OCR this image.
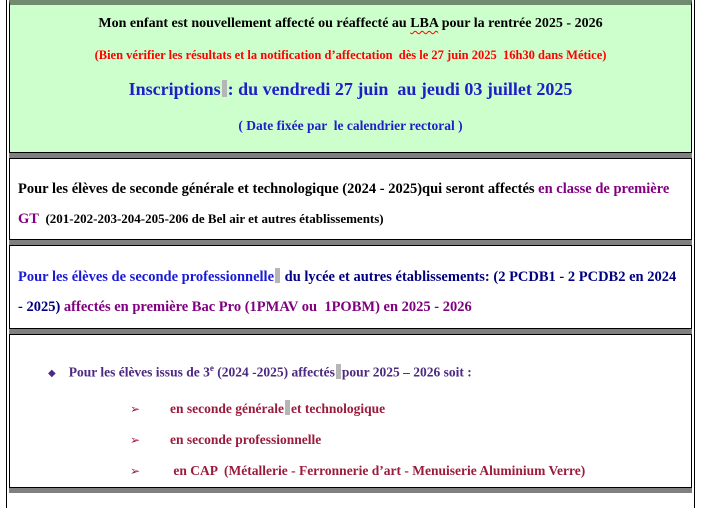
Mon enfant est nouvellement affecté ou réaffecté au LBA pour la rentrée 2025 - 2026
(Bien vérifier les résultats et la notification d’affectation  dès le 27 juin 2025  16h30 dans Métice)
Inscriptions : du vendredi 27 juin  au jeudi 03 juillet 2025
( Date fixée par  le calendrier rectoral )
Pour les élèves de seconde générale et technologique (2024 - 2025)qui seront affectés en classe de première GT  (201-202-203-204-205-206 de Bel air et autres établissements)
Pour les élèves de seconde professionnelle du lycée et autres établissements: (2 PCDB1 - 2 PCDB2 en 2024 - 2025) affectés en première Bac Pro (1PMAV ou  1POBM) en 2025 - 2026

◆ Pour les élèves issus de 3e (2024 -2025) affectés pour 2025 – 2026 soit :

➢ en seconde générale et technologique

➢ en seconde professionnelle

➢ en CAP  (Métallerie - Ferronnerie d’art - Menuiserie Aluminium Verre)
